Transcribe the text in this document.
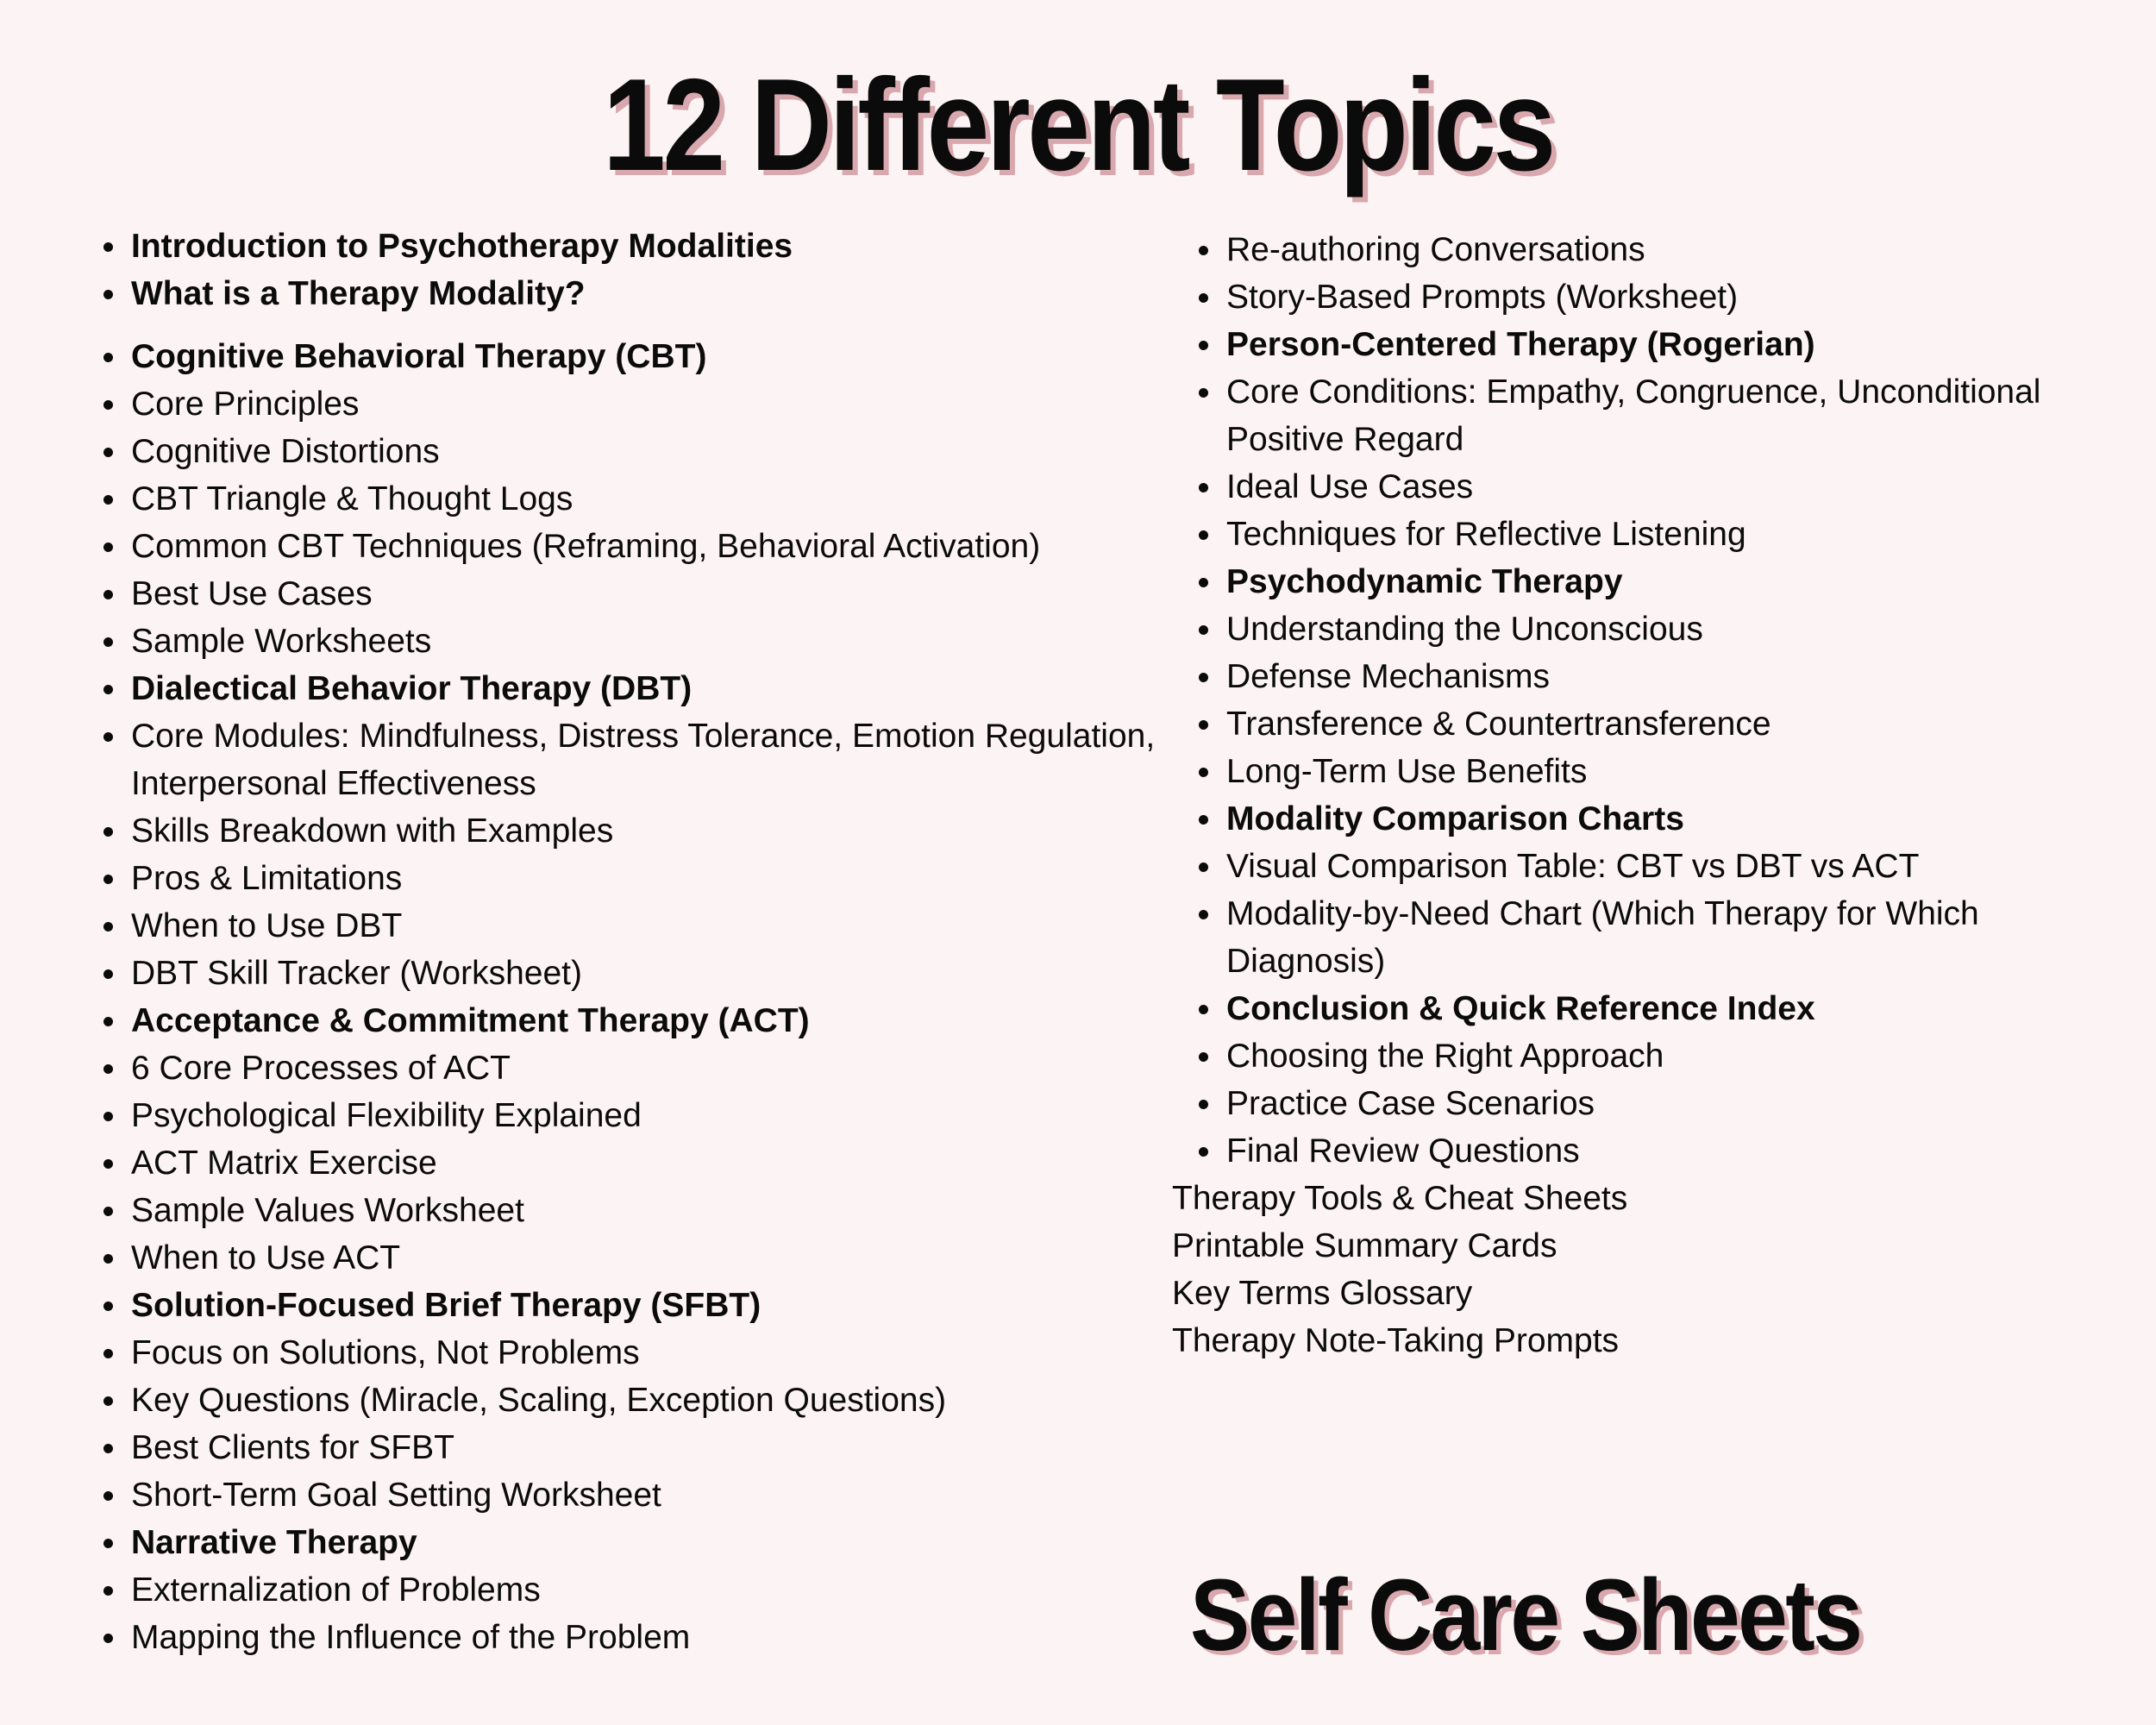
12 Different Topics
Introduction to Psychotherapy Modalities
What is a Therapy Modality?
Cognitive Behavioral Therapy (CBT)
Core Principles
Cognitive Distortions
CBT Triangle & Thought Logs
Common CBT Techniques (Reframing, Behavioral Activation)
Best Use Cases
Sample Worksheets
Dialectical Behavior Therapy (DBT)
Core Modules: Mindfulness, Distress Tolerance, Emotion Regulation, Interpersonal Effectiveness
Skills Breakdown with Examples
Pros & Limitations
When to Use DBT
DBT Skill Tracker (Worksheet)
Acceptance & Commitment Therapy (ACT)
6 Core Processes of ACT
Psychological Flexibility Explained
ACT Matrix Exercise
Sample Values Worksheet
When to Use ACT
Solution-Focused Brief Therapy (SFBT)
Focus on Solutions, Not Problems
Key Questions (Miracle, Scaling, Exception Questions)
Best Clients for SFBT
Short-Term Goal Setting Worksheet
Narrative Therapy
Externalization of Problems
Mapping the Influence of the Problem
Re-authoring Conversations
Story-Based Prompts (Worksheet)
Person-Centered Therapy (Rogerian)
Core Conditions: Empathy, Congruence, Unconditional Positive Regard
Ideal Use Cases
Techniques for Reflective Listening
Psychodynamic Therapy
Understanding the Unconscious
Defense Mechanisms
Transference & Countertransference
Long-Term Use Benefits
Modality Comparison Charts
Visual Comparison Table: CBT vs DBT vs ACT
Modality-by-Need Chart (Which Therapy for Which Diagnosis)
Conclusion & Quick Reference Index
Choosing the Right Approach
Practice Case Scenarios
Final Review Questions
Therapy Tools & Cheat Sheets
Printable Summary Cards
Key Terms Glossary
Therapy Note-Taking Prompts
Self Care Sheets
